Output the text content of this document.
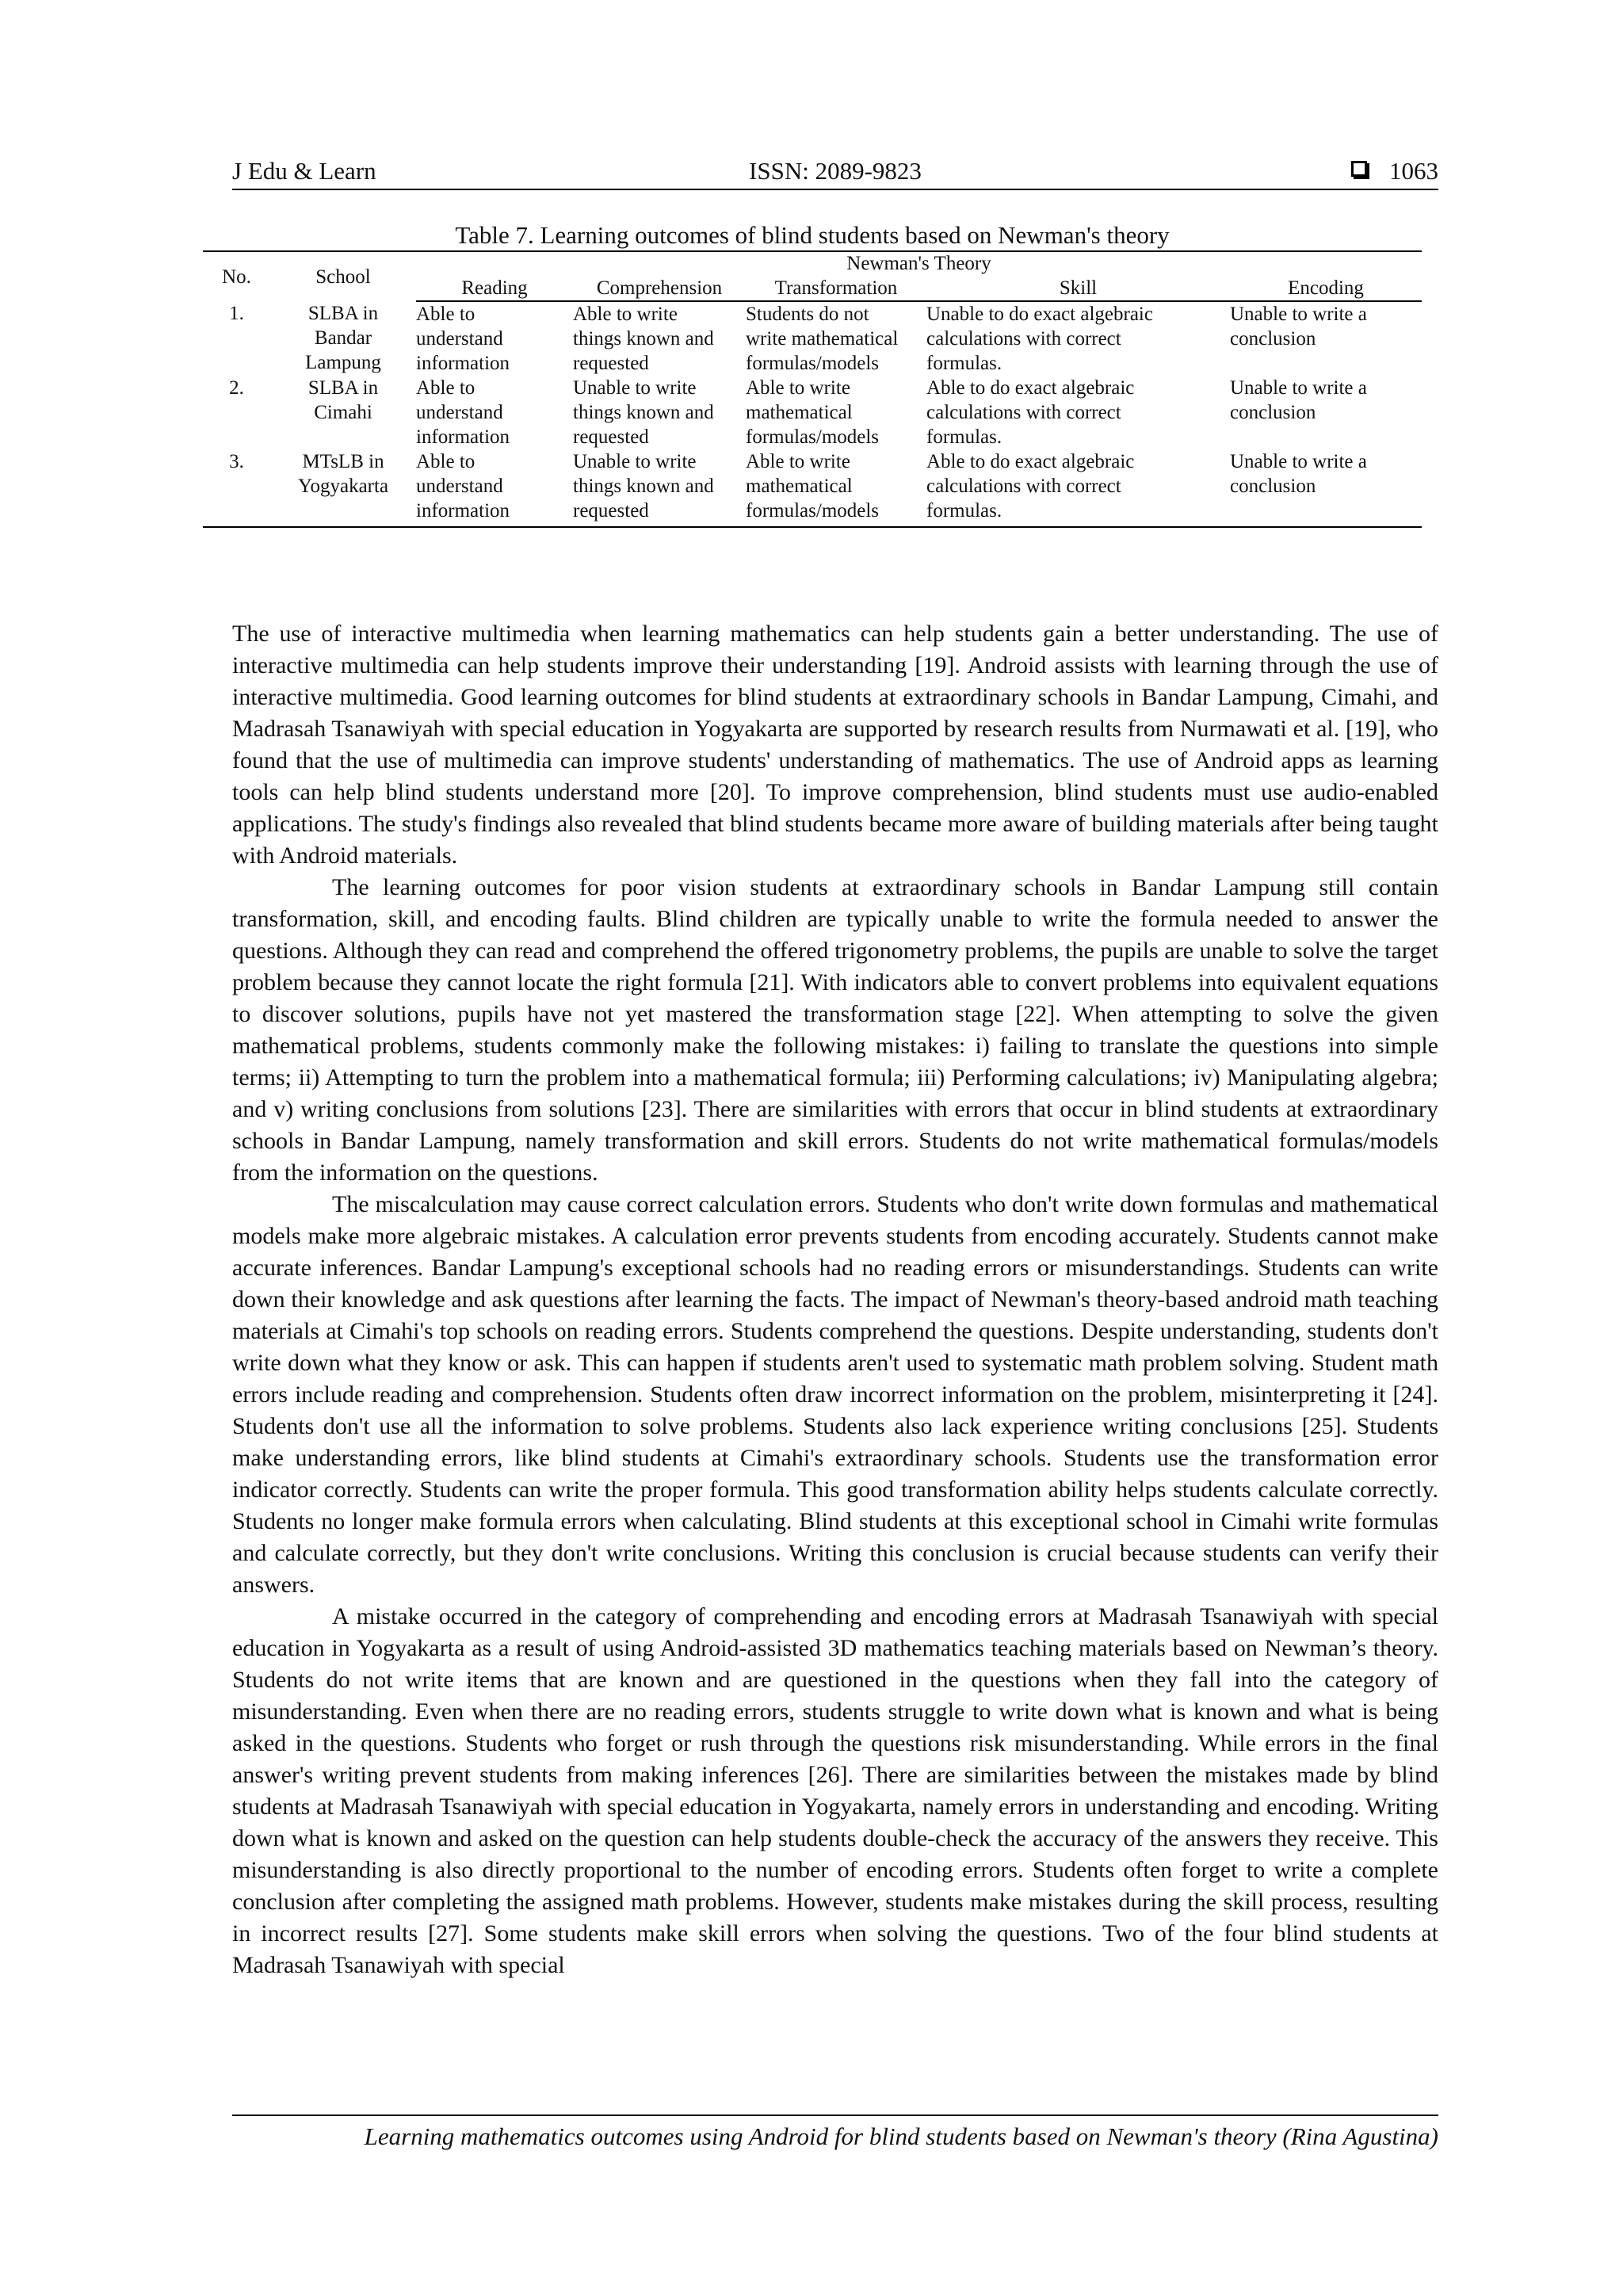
J Edu & Learn	ISSN: 2089-9823	1063
Table 7. Learning outcomes of blind students based on Newman's theory
No.	School	Newman's Theory				
		Reading	Comprehension	Transformation	Skill	Encoding
1.	SLBA in Bandar Lampung	Able to understand information	Able to write things known and requested	Students do not write mathematical formulas/models	Unable to do exact algebraic calculations with correct formulas.	Unable to write a conclusion

2.	SLBA in Cimahi	Able to understand information	Unable to write things known and requested	Able to write mathematical formulas/models	Able to do exact algebraic calculations with correct formulas.	Unable to write a conclusion

3.	MTsLB in Yogyakarta	Able to understand information	Unable to write things known and requested	Able to write mathematical formulas/models	Able to do exact algebraic calculations with correct formulas.	Unable to write a conclusion

The use of interactive multimedia when learning mathematics can help students gain a better understanding. The use of interactive multimedia can help students improve their understanding [19]. Android assists with learning through the use of interactive multimedia. Good learning outcomes for blind students at extraordinary schools in Bandar Lampung, Cimahi, and Madrasah Tsanawiyah with special education in Yogyakarta are supported by research results from Nurmawati et al. [19], who found that the use of multimedia can improve students' understanding of mathematics. The use of Android apps as learning tools can help blind students understand more [20]. To improve comprehension, blind students must use audio-enabled applications. The study's findings also revealed that blind students became more aware of building materials after being taught with Android materials.

The learning outcomes for poor vision students at extraordinary schools in Bandar Lampung still contain transformation, skill, and encoding faults. Blind children are typically unable to write the formula needed to answer the questions. Although they can read and comprehend the offered trigonometry problems, the pupils are unable to solve the target problem because they cannot locate the right formula [21]. With indicators able to convert problems into equivalent equations to discover solutions, pupils have not yet mastered the transformation stage [22]. When attempting to solve the given mathematical problems, students commonly make the following mistakes: i) failing to translate the questions into simple terms; ii) Attempting to turn the problem into a mathematical formula; iii) Performing calculations; iv) Manipulating algebra; and v) writing conclusions from solutions [23]. There are similarities with errors that occur in blind students at extraordinary schools in Bandar Lampung, namely transformation and skill errors. Students do not write mathematical formulas/models from the information on the questions.

The miscalculation may cause correct calculation errors. Students who don't write down formulas and mathematical models make more algebraic mistakes. A calculation error prevents students from encoding accurately. Students cannot make accurate inferences. Bandar Lampung's exceptional schools had no reading errors or misunderstandings. Students can write down their knowledge and ask questions after learning the facts. The impact of Newman's theory-based android math teaching materials at Cimahi's top schools on reading errors. Students comprehend the questions. Despite understanding, students don't write down what they know or ask. This can happen if students aren't used to systematic math problem solving. Student math errors include reading and comprehension. Students often draw incorrect information on the problem, misinterpreting it [24]. Students don't use all the information to solve problems. Students also lack experience writing conclusions [25]. Students make understanding errors, like blind students at Cimahi's extraordinary schools. Students use the transformation error indicator correctly. Students can write the proper formula. This good transformation ability helps students calculate correctly. Students no longer make formula errors when calculating. Blind students at this exceptional school in Cimahi write formulas and calculate correctly, but they don't write conclusions. Writing this conclusion is crucial because students can verify their answers.

A mistake occurred in the category of comprehending and encoding errors at Madrasah Tsanawiyah with special education in Yogyakarta as a result of using Android-assisted 3D mathematics teaching materials based on Newman’s theory. Students do not write items that are known and are questioned in the questions when they fall into the category of misunderstanding. Even when there are no reading errors, students struggle to write down what is known and what is being asked in the questions. Students who forget or rush through the questions risk misunderstanding. While errors in the final answer's writing prevent students from making inferences [26]. There are similarities between the mistakes made by blind students at Madrasah Tsanawiyah with special education in Yogyakarta, namely errors in understanding and encoding. Writing down what is known and asked on the question can help students double-check the accuracy of the answers they receive. This misunderstanding is also directly proportional to the number of encoding errors. Students often forget to write a complete conclusion after completing the assigned math problems. However, students make mistakes during the skill process, resulting in incorrect results [27]. Some students make skill errors when solving the questions. Two of the four blind students at Madrasah Tsanawiyah with special

Learning mathematics outcomes using Android for blind students based on Newman's theory (Rina Agustina)
